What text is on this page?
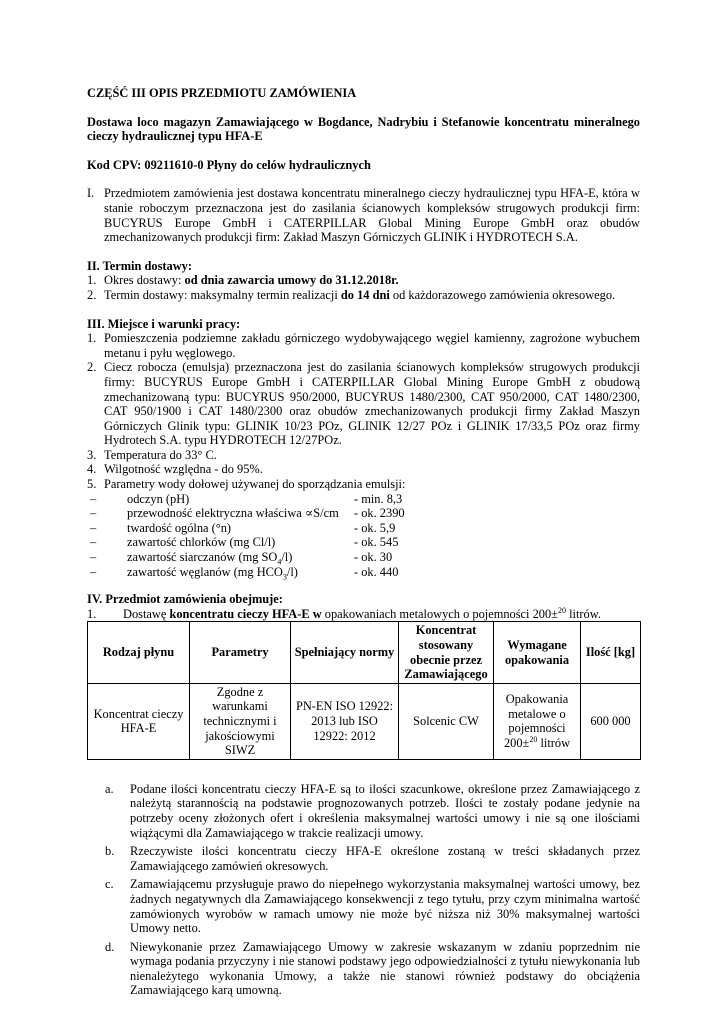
CZĘŚĆ III OPIS PRZEDMIOTU ZAMÓWIENIA

Dostawa loco magazyn Zamawiającego w Bogdance, Nadrybiu i Stefanowie koncentratu mineralnego cieczy hydraulicznej typu HFA-E

Kod CPV: 09211610-0 Płyny do celów hydraulicznych

I. Przedmiotem zamówienia jest dostawa koncentratu mineralnego cieczy hydraulicznej typu HFA-E, która w stanie roboczym przeznaczona jest do zasilania ścianowych kompleksów strugowych produkcji firm: BUCYRUS Europe GmbH i CATERPILLAR Global Mining Europe GmbH oraz obudów zmechanizowanych produkcji firm: Zakład Maszyn Górniczych GLINIK i HYDROTECH S.A.

II. Termin dostawy:

1. Okres dostawy: od dnia zawarcia umowy do 31.12.2018r.
2. Termin dostawy: maksymalny termin realizacji do 14 dni od każdorazowego zamówienia okresowego.

III. Miejsce i warunki pracy:

1. Pomieszczenia podziemne zakładu górniczego wydobywającego węgiel kamienny, zagrożone wybuchem metanu i pyłu węglowego.
2. Ciecz robocza (emulsja) przeznaczona jest do zasilania ścianowych kompleksów strugowych produkcji firmy: BUCYRUS Europe GmbH i CATERPILLAR Global Mining Europe GmbH z obudową zmechanizowaną typu: BUCYRUS 950/2000, BUCYRUS 1480/2300, CAT 950/2000, CAT 1480/2300, CAT 950/1900 i CAT 1480/2300 oraz obudów zmechanizowanych produkcji firmy Zakład Maszyn Górniczych Glinik typu: GLINIK 10/23 POz, GLINIK 12/27 POz i GLINIK 17/33,5 POz oraz firmy Hydrotech S.A. typu HYDROTECH 12/27POz.
3. Temperatura do 33° C.
4. Wilgotność względna - do 95%.
5. Parametry wody dołowej używanej do sporządzania emulsji:
–	odczyn (pH)	- min. 8,3
–	przewodność elektryczna właściwa ∝S/cm	- ok. 2390
–	twardość ogólna (°n)	- ok. 5,9
–	zawartość chlorków (mg Cl/l)	- ok. 545
–	zawartość siarczanów (mg $SO_4/l$)	- ok. 30
–	zawartość węglanów (mg $HCO_3/l$)	- ok. 440

IV. Przedmiot zamówienia obejmuje:

1.	Dostawę koncentratu cieczy HFA-E w opakowaniach metalowych o pojemności 200±$^{20}$ litrów.
Rodzaj płynu	Parametry	Spełniający normy	Koncentrat stosowany obecnie przez Zamawiającego	Wymagane opakowania	Ilość [kg]
Koncentrat cieczy HFA-E	Zgodne z warunkami technicznymi i jakościowymi SIWZ	PN-EN ISO 12922: 2013 lub ISO 12922: 2012	Solcenic CW	Opakowania metalowe o pojemności 200±$^{20}$ litrów	600 000
a.	Podane ilości koncentratu cieczy HFA-E są to ilości szacunkowe, określone przez Zamawiającego z należytą starannością na podstawie prognozowanych potrzeb. Ilości te zostały podane jedynie na potrzeby oceny złożonych ofert i określenia maksymalnej wartości umowy i nie są one ilościami wiążącymi dla Zamawiającego w trakcie realizacji umowy.
b.	Rzeczywiste ilości koncentratu cieczy HFA-E określone zostaną w treści składanych przez Zamawiającego zamówień okresowych.
c.	Zamawiającemu przysługuje prawo do niepełnego wykorzystania maksymalnej wartości umowy, bez żadnych negatywnych dla Zamawiającego konsekwencji z tego tytułu, przy czym minimalna wartość zamówionych wyrobów w ramach umowy nie może być niższa niż 30% maksymalnej wartości Umowy netto.
d.	Niewykonanie przez Zamawiającego Umowy w zakresie wskazanym w zdaniu poprzednim nie wymaga podania przyczyny i nie stanowi podstawy jego odpowiedzialności z tytułu niewykonania lub nienależytego wykonania Umowy, a także nie stanowi również podstawy do obciążenia Zamawiającego karą umowną.
